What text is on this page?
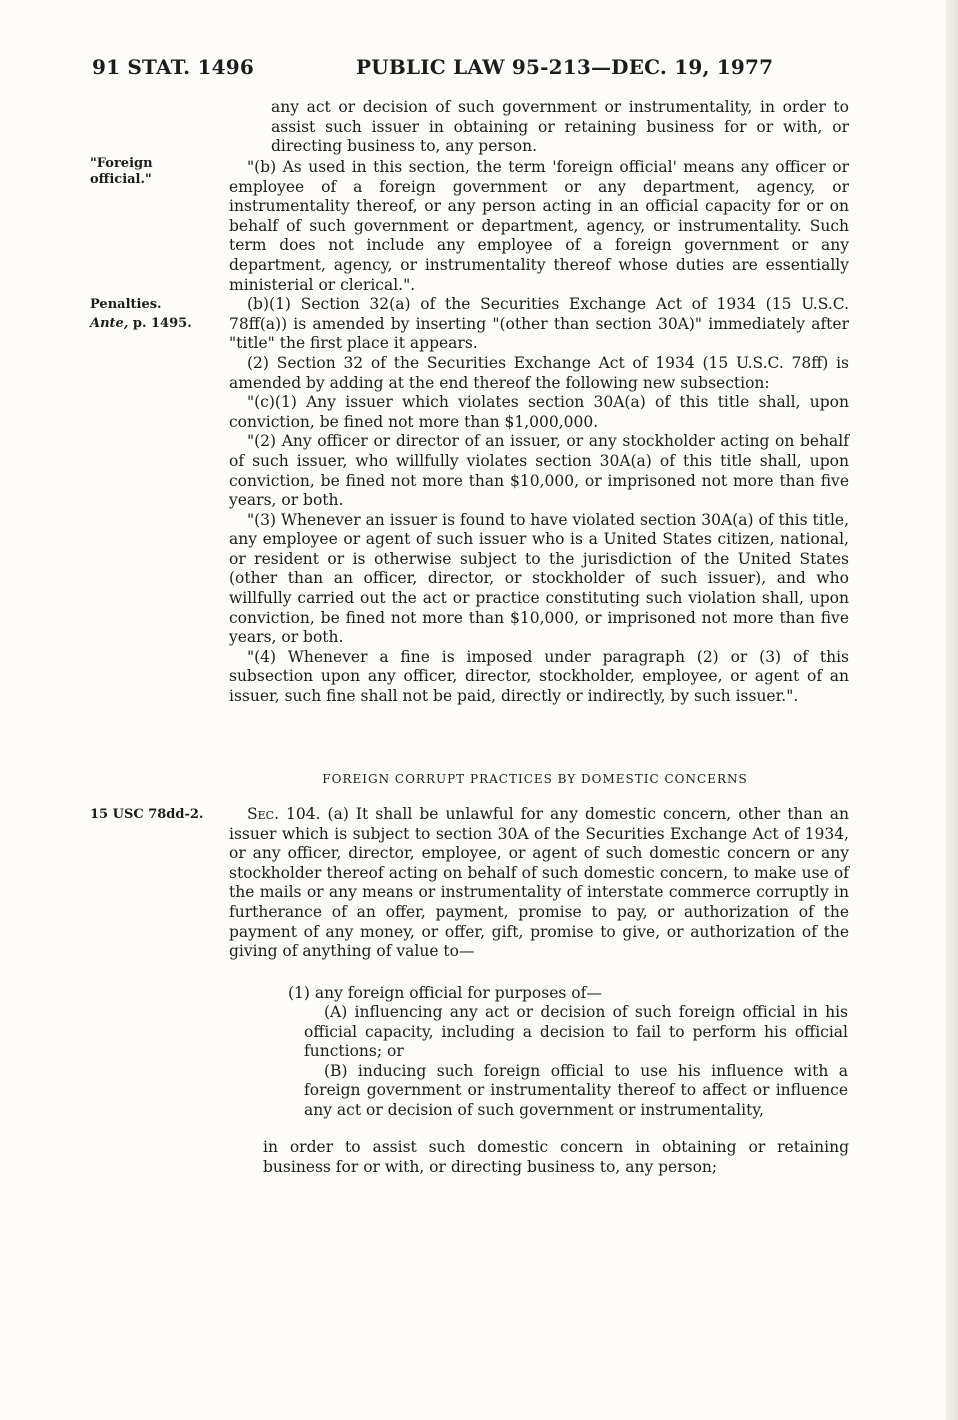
91 STAT. 1496	PUBLIC LAW 95-213—DEC. 19, 1977
"Foreign official."
Penalties.
Ante, p. 1495.
15 USC 78dd-2.

any act or decision of such government or instrumentality, in order to assist such issuer in obtaining or retaining business for or with, or directing business to, any person.

"(b) As used in this section, the term 'foreign official' means any officer or employee of a foreign government or any department, agency, or instrumentality thereof, or any person acting in an official capacity for or on behalf of such government or department, agency, or instrumentality. Such term does not include any employee of a foreign government or any department, agency, or instrumentality thereof whose duties are essentially ministerial or clerical.".

(b)(1) Section 32(a) of the Securities Exchange Act of 1934 (15 U.S.C. 78ff(a)) is amended by inserting "(other than section 30A)" immediately after "title" the first place it appears.

(2) Section 32 of the Securities Exchange Act of 1934 (15 U.S.C. 78ff) is amended by adding at the end thereof the following new subsection:

"(c)(1) Any issuer which violates section 30A(a) of this title shall, upon conviction, be fined not more than $1,000,000.

"(2) Any officer or director of an issuer, or any stockholder acting on behalf of such issuer, who willfully violates section 30A(a) of this title shall, upon conviction, be fined not more than $10,000, or imprisoned not more than five years, or both.

"(3) Whenever an issuer is found to have violated section 30A(a) of this title, any employee or agent of such issuer who is a United States citizen, national, or resident or is otherwise subject to the jurisdiction of the United States (other than an officer, director, or stockholder of such issuer), and who willfully carried out the act or practice constituting such violation shall, upon conviction, be fined not more than $10,000, or imprisoned not more than five years, or both.

"(4) Whenever a fine is imposed under paragraph (2) or (3) of this subsection upon any officer, director, stockholder, employee, or agent of an issuer, such fine shall not be paid, directly or indirectly, by such issuer.".

FOREIGN CORRUPT PRACTICES BY DOMESTIC CONCERNS

Sec. 104. (a) It shall be unlawful for any domestic concern, other than an issuer which is subject to section 30A of the Securities Exchange Act of 1934, or any officer, director, employee, or agent of such domestic concern or any stockholder thereof acting on behalf of such domestic concern, to make use of the mails or any means or instrumentality of interstate commerce corruptly in furtherance of an offer, payment, promise to pay, or authorization of the payment of any money, or offer, gift, promise to give, or authorization of the giving of anything of value to—

(1) any foreign official for purposes of—

(A) influencing any act or decision of such foreign official in his official capacity, including a decision to fail to perform his official functions; or

(B) inducing such foreign official to use his influence with a foreign government or instrumentality thereof to affect or influence any act or decision of such government or instrumentality,

in order to assist such domestic concern in obtaining or retaining business for or with, or directing business to, any person;
